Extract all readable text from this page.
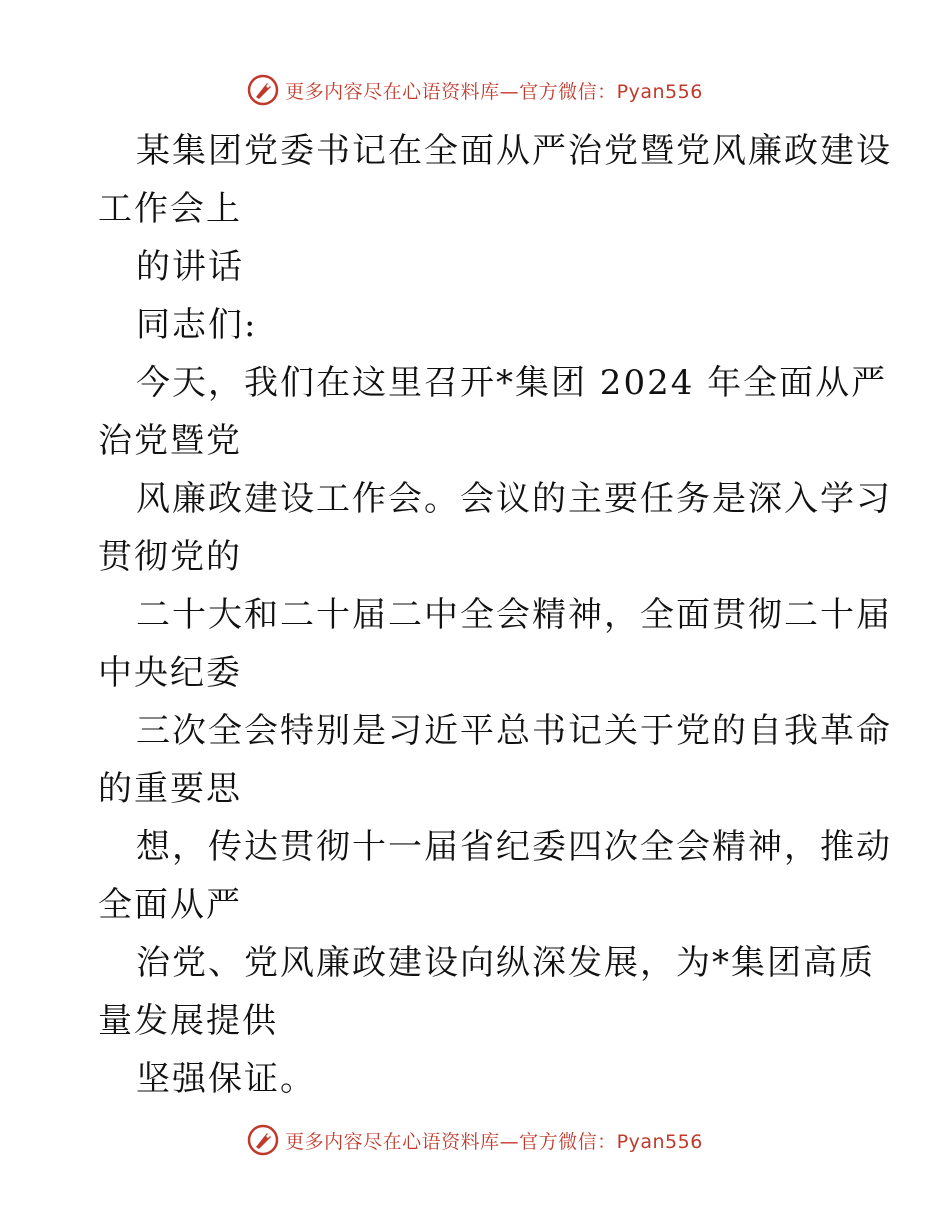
更多内容尽在心语资料库—官方微信：Pyan556
某集团党委书记在全面从严治党暨党风廉政建设
工作会上
的讲话
同志们:
今天，我们在这里召开*集团 2024 年全面从严
治党暨党
风廉政建设工作会。会议的主要任务是深入学习
贯彻党的
二十大和二十届二中全会精神，全面贯彻二十届
中央纪委
三次全会特别是习近平总书记关于党的自我革命
的重要思
想，传达贯彻十一届省纪委四次全会精神，推动
全面从严
治党、党风廉政建设向纵深发展，为*集团高质
量发展提供
坚强保证。
更多内容尽在心语资料库—官方微信：Pyan556
